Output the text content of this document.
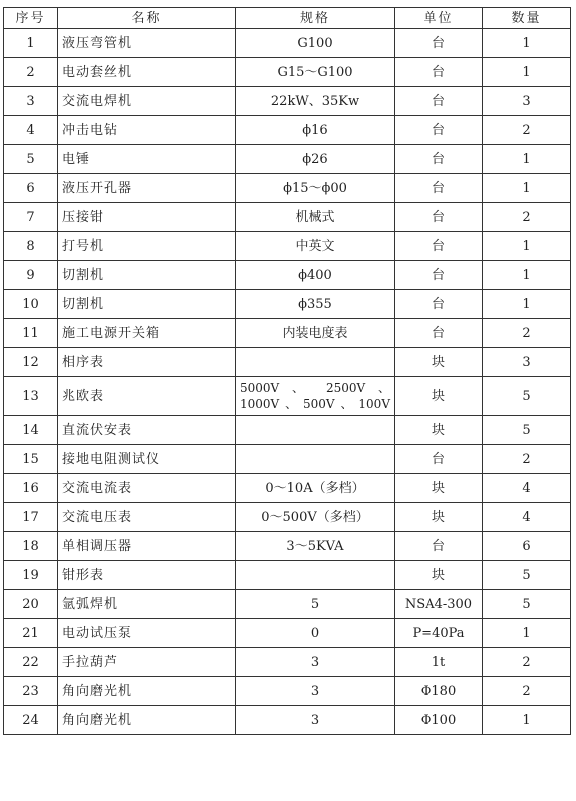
序号	名称	规格	单位	数量
1	液压弯管机	G100	台	1
2	电动套丝机	G15～G100	台	1
3	交流电焊机	22kW、35Kw	台	3
4	冲击电钻	ϕ16	台	2
5	电锤	ϕ26	台	1
6	液压开孔器	ϕ15～ϕ00	台	1
7	压接钳	机械式	台	2
8	打号机	中英文	台	1
9	切割机	ϕ400	台	1
10	切割机	ϕ355	台	1
11	施工电源开关箱	内装电度表	台	2
12	相序表		块	3
13	兆欧表	5000V 、 2500V 、 1000V、500V、100V	块	5
14	直流伏安表		块	5
15	接地电阻测试仪		台	2
16	交流电流表	0～10A（多档）	块	4
17	交流电压表	0～500V（多档）	块	4
18	单相调压器	3～5KVA	台	6
19	钳形表		块	5
20	氩弧焊机	5	NSA4-300	5
21	电动试压泵	0	P=40Pa	1
22	手拉葫芦	3	1t	2
23	角向磨光机	3	Φ180	2
24	角向磨光机	3	Φ100	1
